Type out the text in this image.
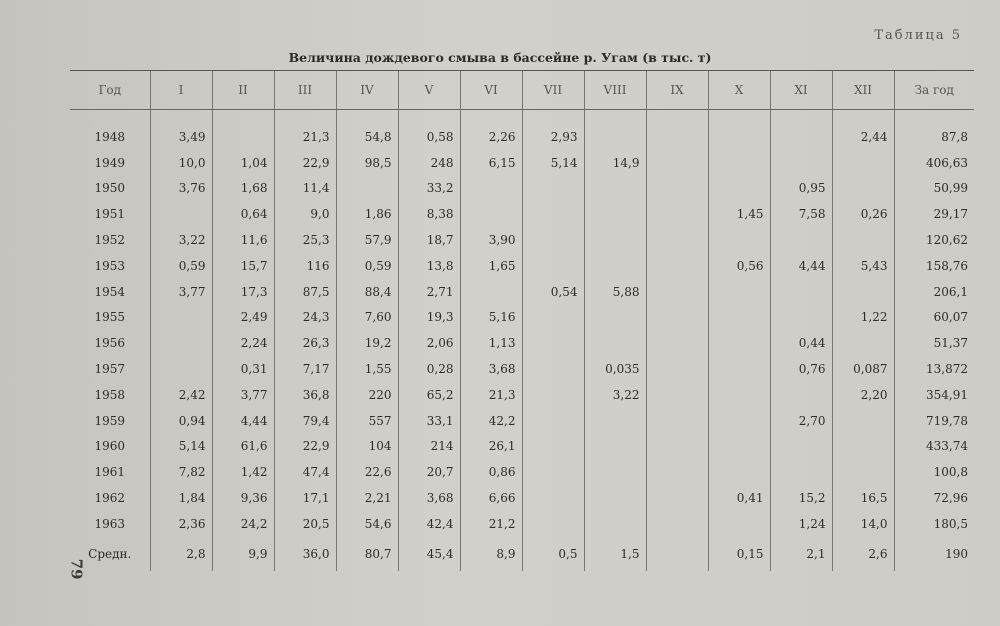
Таблица 5
Величина дождевого смыва в бассейне р. Угам (в тыс. т)
79
Год	I	II	III	IV	V	VI	VII	VIII	IX	X	XI	XII	За год

1948	3,49		21,3	54,8	0,58	2,26	2,93					2,44	87,8
1949	10,0	1,04	22,9	98,5	248	6,15	5,14	14,9					406,63
1950	3,76	1,68	11,4		33,2						0,95		50,99
1951		0,64	9,0	1,86	8,38					1,45	7,58	0,26	29,17
1952	3,22	11,6	25,3	57,9	18,7	3,90							120,62
1953	0,59	15,7	116	0,59	13,8	1,65				0,56	4,44	5,43	158,76
1954	3,77	17,3	87,5	88,4	2,71		0,54	5,88					206,1
1955		2,49	24,3	7,60	19,3	5,16						1,22	60,07
1956		2,24	26,3	19,2	2,06	1,13					0,44		51,37
1957		0,31	7,17	1,55	0,28	3,68		0,035			0,76	0,087	13,872
1958	2,42	3,77	36,8	220	65,2	21,3		3,22				2,20	354,91
1959	0,94	4,44	79,4	557	33,1	42,2					2,70		719,78
1960	5,14	61,6	22,9	104	214	26,1							433,74
1961	7,82	1,42	47,4	22,6	20,7	0,86							100,8
1962	1,84	9,36	17,1	2,21	3,68	6,66				0,41	15,2	16,5	72,96
1963	2,36	24,2	20,5	54,6	42,4	21,2					1,24	14,0	180,5
Средн.	2,8	9,9	36,0	80,7	45,4	8,9	0,5	1,5		0,15	2,1	2,6	190
